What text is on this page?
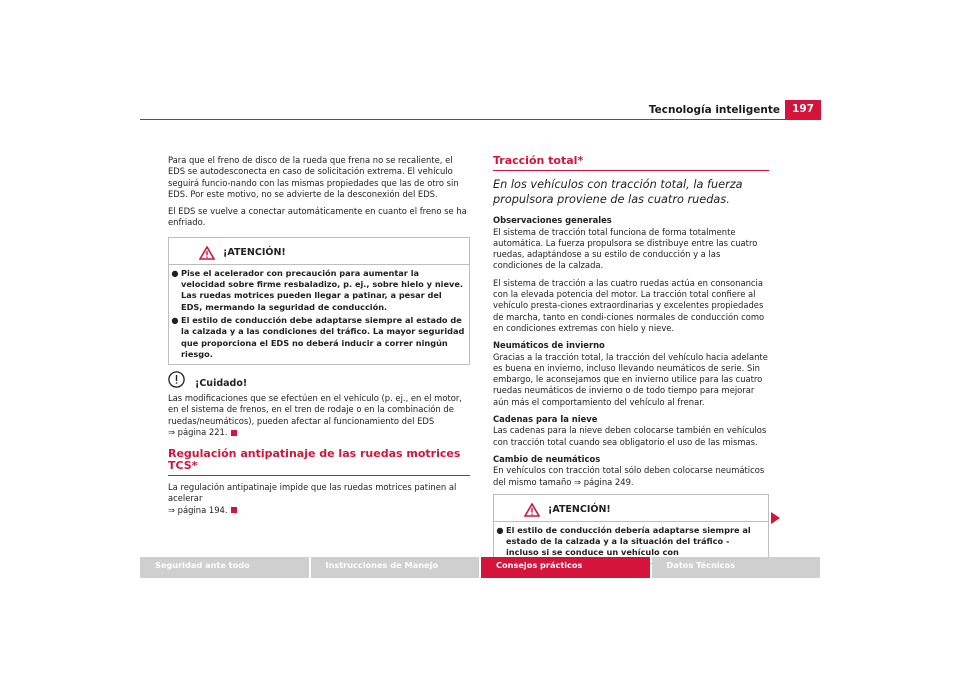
Tecnología inteligente	197

Para que el freno de disco de la rueda que frena no se recaliente, el EDS se autodesconecta en caso de solicitación extrema. El vehículo seguirá funcio-nando con las mismas propiedades que las de otro sin EDS. Por este motivo, no se advierte de la desconexión del EDS.

El EDS se vuelve a conectar automáticamente en cuanto el freno se ha enfriado.

¡ATENCIÓN!
● Pise el acelerador con precaución para aumentar la velocidad sobre firme resbaladizo, p. ej., sobre hielo y nieve. Las ruedas motrices pueden llegar a patinar, a pesar del EDS, mermando la seguridad de conducción.
● El estilo de conducción debe adaptarse siempre al estado de la calzada y a las condiciones del tráfico. La mayor seguridad que proporciona el EDS no deberá inducir a correr ningún riesgo.
¡Cuidado!

Las modificaciones que se efectúen en el vehículo (p. ej., en el motor, en el sistema de frenos, en el tren de rodaje o en la combinación de ruedas/neumáticos), pueden afectar al funcionamiento del EDS
⇒ página 221.

Regulación antipatinaje de las ruedas motrices TCS*

La regulación antipatinaje impide que las ruedas motrices patinen al acelerar
⇒ página 194.

Tracción total*
En los vehículos con tracción total, la fuerza propulsora proviene de las cuatro ruedas.

Observaciones generales

El sistema de tracción total funciona de forma totalmente automática. La fuerza propulsora se distribuye entre las cuatro ruedas, adaptándose a su estilo de conducción y a las condiciones de la calzada.

El sistema de tracción a las cuatro ruedas actúa en consonancia con la elevada potencia del motor. La tracción total confiere al vehículo presta-ciones extraordinarias y excelentes propiedades de marcha, tanto en condi-ciones normales de conducción como en condiciones extremas con hielo y nieve.

Neumáticos de invierno

Gracias a la tracción total, la tracción del vehículo hacia adelante es buena en invierno, incluso llevando neumáticos de serie. Sin embargo, le aconsejamos que en invierno utilice para las cuatro ruedas neumáticos de invierno o de todo tiempo para mejorar aún más el comportamiento del vehículo al frenar.

Cadenas para la nieve

Las cadenas para la nieve deben colocarse también en vehículos con tracción total cuando sea obligatorio el uso de las mismas.

Cambio de neumáticos

En vehículos con tracción total sólo deben colocarse neumáticos del mismo tamaño ⇒ página 249.

¡ATENCIÓN!
● El estilo de conducción debería adaptarse siempre al estado de la calzada y a la situación del tráfico - incluso si se conduce un vehículo con
Seguridad ante todo	Instrucciones de Manejo	Consejos prácticos	Datos Técnicos
